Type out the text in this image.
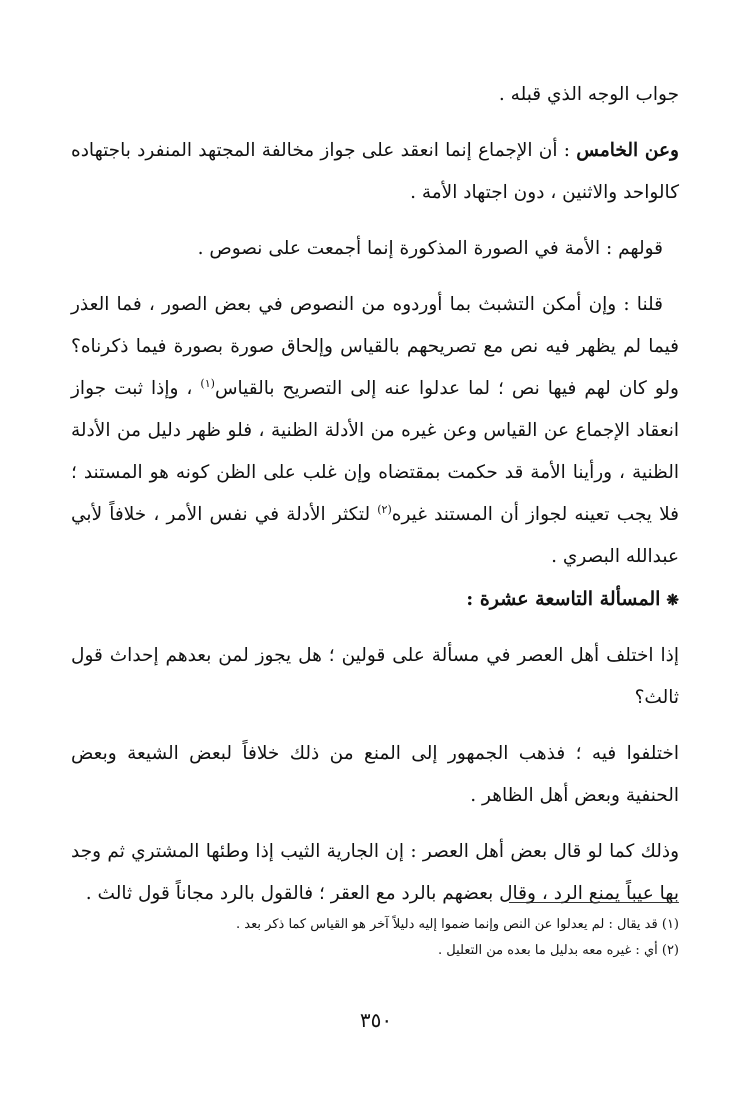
جواب الوجه الذي قبله .

وعن الخامس : أن الإجماع إنما انعقد على جواز مخالفة المجتهد المنفرد باجتهاده كالواحد والاثنين ، دون اجتهاد الأمة .

قولهم : الأمة في الصورة المذكورة إنما أجمعت على نصوص .

قلنا : وإن أمكن التشبث بما أوردوه من النصوص في بعض الصور ، فما العذر فيما لم يظهر فيه نص مع تصريحهم بالقياس وإلحاق صورة بصورة فيما ذكرناه؟ ولو كان لهم فيها نص ؛ لما عدلوا عنه إلى التصريح بالقياس$^{(١)}$ ، وإذا ثبت جواز انعقاد الإجماع عن القياس وعن غيره من الأدلة الظنية ، فلو ظهر دليل من الأدلة الظنية ، ورأينا الأمة قد حكمت بمقتضاه وإن غلب على الظن كونه هو المستند ؛ فلا يجب تعينه لجواز أن المستند غيره$^{(٢)}$ لتكثر الأدلة في نفس الأمر ، خلافاً لأبي عبدالله البصري .

❋المسألة التاسعة عشرة :

إذا اختلف أهل العصر في مسألة على قولين ؛ هل يجوز لمن بعدهم إحداث قول ثالث؟

اختلفوا فيه ؛ فذهب الجمهور إلى المنع من ذلك خلافاً لبعض الشيعة وبعض الحنفية وبعض أهل الظاهر .

وذلك كما لو قال بعض أهل العصر : إن الجارية الثيب إذا وطئها المشتري ثم وجد بها عيباً يمنع الرد ، وقال بعضهم بالرد مع العقر ؛ فالقول بالرد مجاناً قول ثالث .

(١) قد يقال : لم يعدلوا عن النص وإنما ضموا إليه دليلاً آخر هو القياس كما ذكر بعد .

(٢) أي : غيره معه بدليل ما بعده من التعليل .

٣٥٠
